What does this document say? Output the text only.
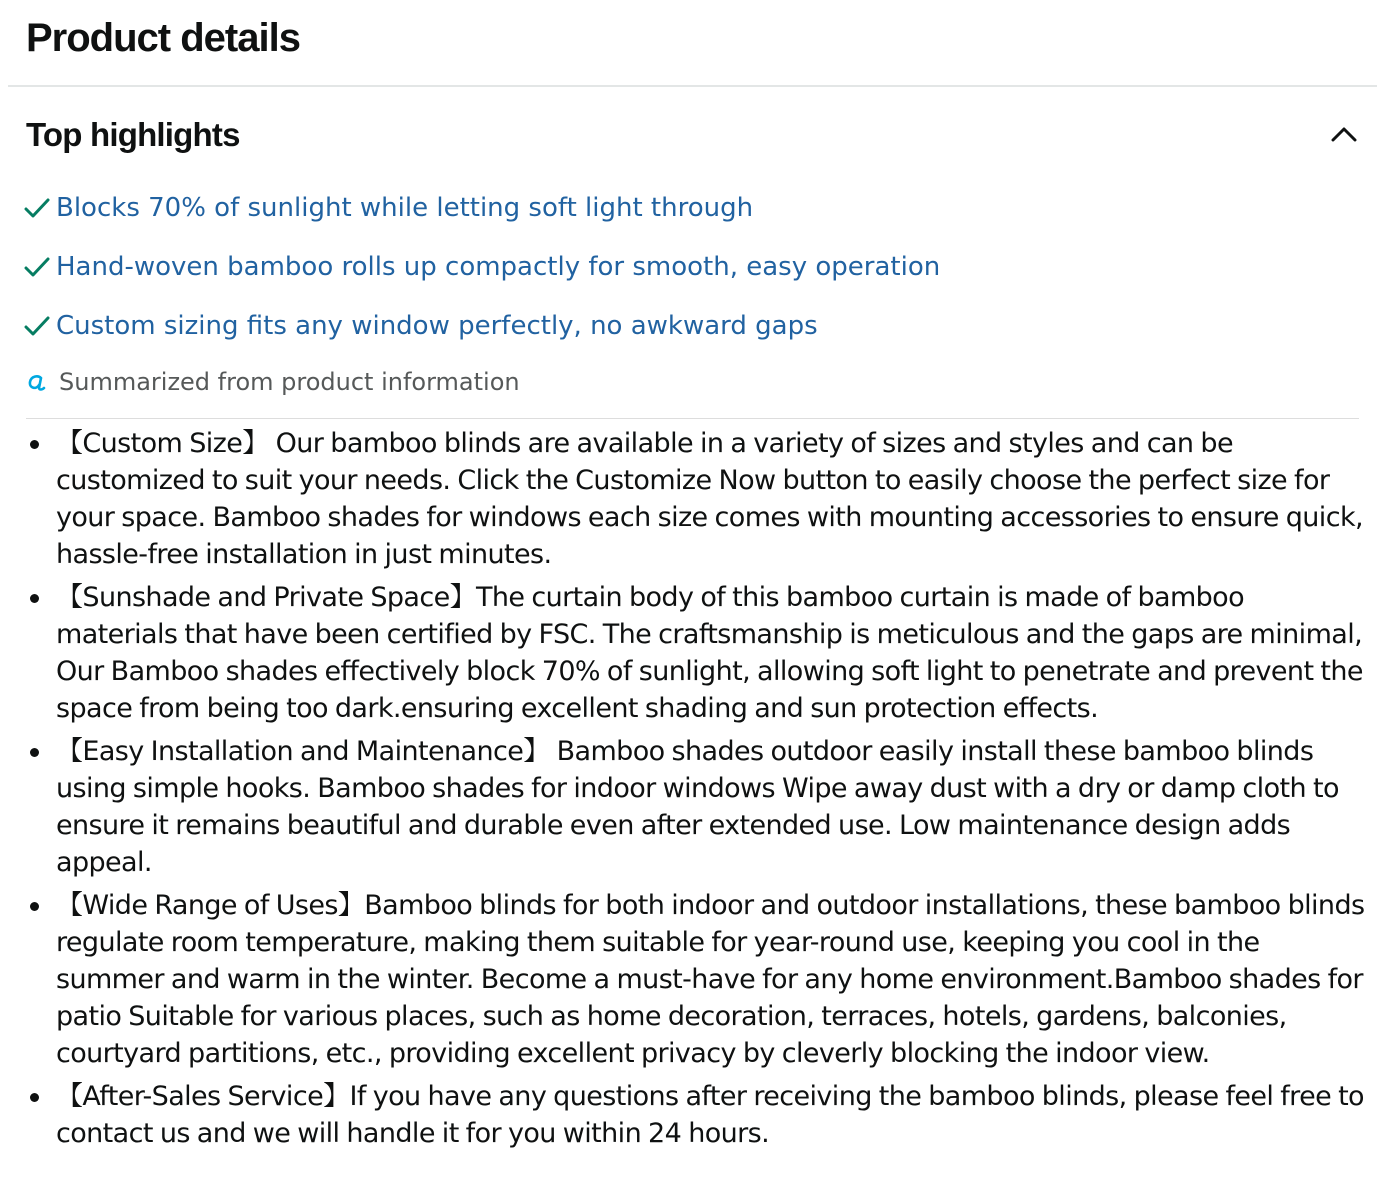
Product details
Top highlights
Blocks 70% of sunlight while letting soft light through
Hand-woven bamboo rolls up compactly for smooth, easy operation
Custom sizing fits any window perfectly, no awkward gaps
Summarized from product information
【Custom Size】 Our bamboo blinds are available in a variety of sizes and styles and can be customized to suit your needs. Click the Customize Now button to easily choose the perfect size for your space. Bamboo shades for windows each size comes with mounting accessories to ensure quick, hassle-free installation in just minutes.
【Sunshade and Private Space】The curtain body of this bamboo curtain is made of bamboo materials that have been certified by FSC. The craftsmanship is meticulous and the gaps are minimal, Our Bamboo shades effectively block 70% of sunlight, allowing soft light to penetrate and prevent the space from being too dark.ensuring excellent shading and sun protection effects.
【Easy Installation and Maintenance】 Bamboo shades outdoor easily install these bamboo blinds using simple hooks. Bamboo shades for indoor windows Wipe away dust with a dry or damp cloth to ensure it remains beautiful and durable even after extended use. Low maintenance design adds appeal.
【Wide Range of Uses】Bamboo blinds for both indoor and outdoor installations, these bamboo blinds regulate room temperature, making them suitable for year-round use, keeping you cool in the summer and warm in the winter. Become a must-have for any home environment.Bamboo shades for patio Suitable for various places, such as home decoration, terraces, hotels, gardens, balconies, courtyard partitions, etc., providing excellent privacy by cleverly blocking the indoor view.
【After-Sales Service】If you have any questions after receiving the bamboo blinds, please feel free to contact us and we will handle it for you within 24 hours.
